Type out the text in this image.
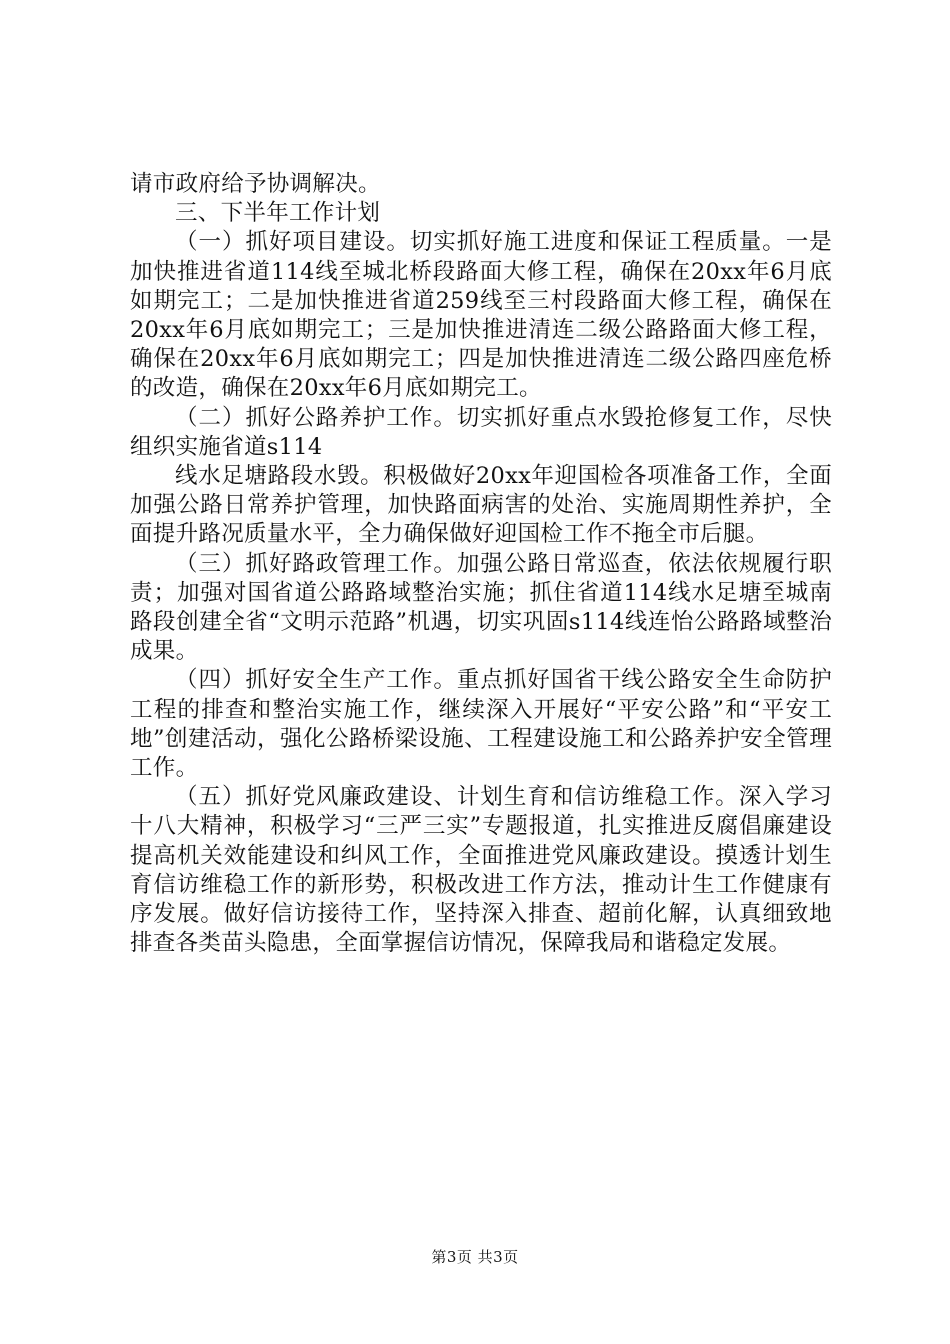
请市政府给予协调解决。

三、下半年工作计划

（一）抓好项目建设。切实抓好施工进度和保证工程质量。一是加快推进省道114线至城北桥段路面大修工程，确保在20xx年6月底如期完工；二是加快推进省道259线至三村段路面大修工程，确保在20xx年6月底如期完工；三是加快推进清连二级公路路面大修工程，确保在20xx年6月底如期完工；四是加快推进清连二级公路四座危桥的改造，确保在20xx年6月底如期完工。

（二）抓好公路养护工作。切实抓好重点水毁抢修复工作，尽快组织实施省道s114

线水足塘路段水毁。积极做好20xx年迎国检各项准备工作，全面加强公路日常养护管理，加快路面病害的处治、实施周期性养护，全面提升路况质量水平，全力确保做好迎国检工作不拖全市后腿。

（三）抓好路政管理工作。加强公路日常巡查，依法依规履行职责；加强对国省道公路路域整治实施；抓住省道114线水足塘至城南路段创建全省“文明示范路”机遇，切实巩固s114线连怡公路路域整治成果。

（四）抓好安全生产工作。重点抓好国省干线公路安全生命防护工程的排查和整治实施工作，继续深入开展好“平安公路”和“平安工地”创建活动，强化公路桥梁设施、工程建设施工和公路养护安全管理工作。

（五）抓好党风廉政建设、计划生育和信访维稳工作。深入学习十八大精神，积极学习“三严三实”专题报道，扎实推进反腐倡廉建设提高机关效能建设和纠风工作，全面推进党风廉政建设。摸透计划生育信访维稳工作的新形势，积极改进工作方法，推动计生工作健康有序发展。做好信访接待工作，坚持深入排查、超前化解，认真细致地排查各类苗头隐患，全面掌握信访情况，保障我局和谐稳定发展。

第3页 共3页
